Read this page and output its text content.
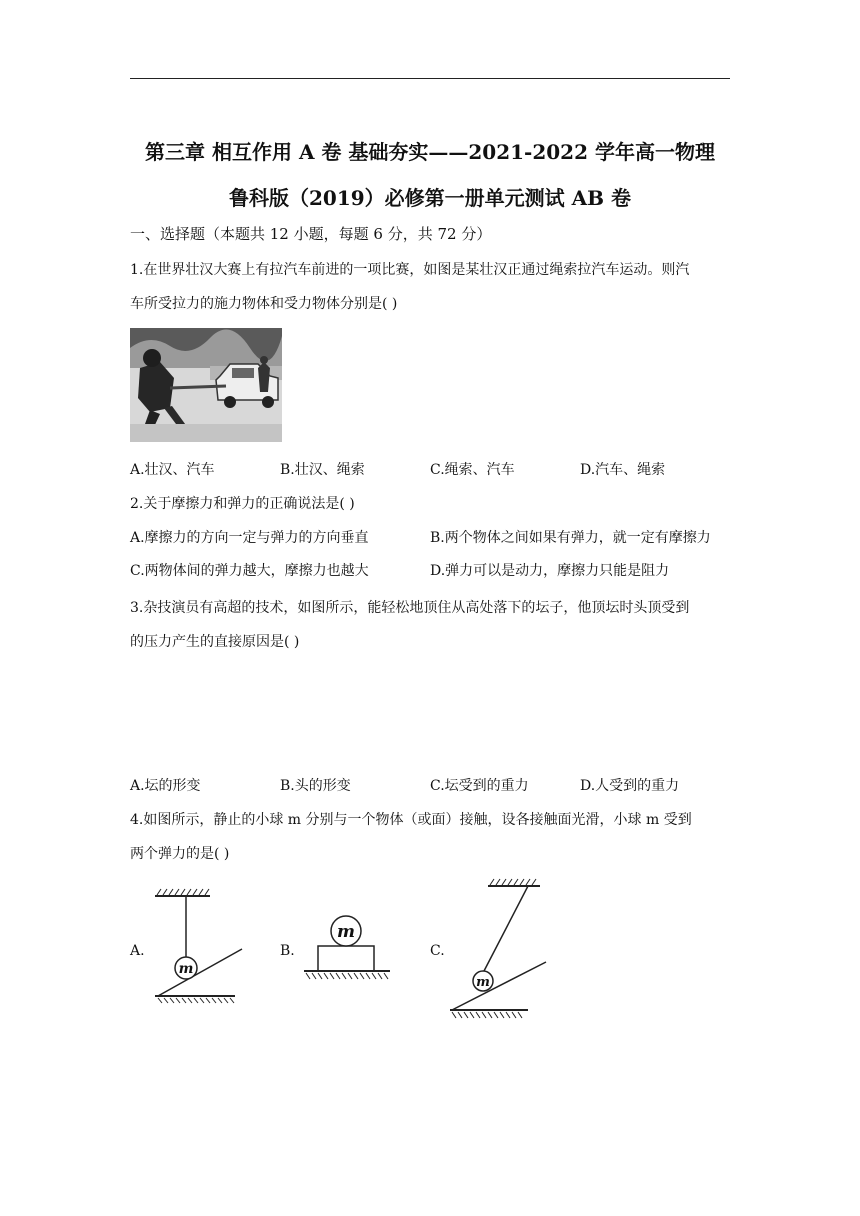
第三章 相互作用 A 卷 基础夯实——2021-2022 学年高一物理
鲁科版（2019）必修第一册单元测试 AB 卷
一、选择题（本题共 12 小题，每题 6 分，共 72 分）
1.在世界壮汉大赛上有拉汽车前进的一项比赛，如图是某壮汉正通过绳索拉汽车运动。则汽
车所受拉力的施力物体和受力物体分别是( )
A.壮汉、汽车	B.壮汉、绳索	C.绳索、汽车	D.汽车、绳索
2.关于摩擦力和弹力的正确说法是( )
A.摩擦力的方向一定与弹力的方向垂直	B.两个物体之间如果有弹力，就一定有摩擦力
C.两物体间的弹力越大，摩擦力也越大	D.弹力可以是动力，摩擦力只能是阻力
3.杂技演员有高超的技术，如图所示，能轻松地顶住从高处落下的坛子，他顶坛时头顶受到
的压力产生的直接原因是( )
A.坛的形变	B.头的形变	C.坛受到的重力	D.人受到的重力
4.如图所示，静止的小球 m 分别与一个物体（或面）接触，设各接触面光滑，小球 m 受到
两个弹力的是( )
A.
m
B.
m
C.
m
